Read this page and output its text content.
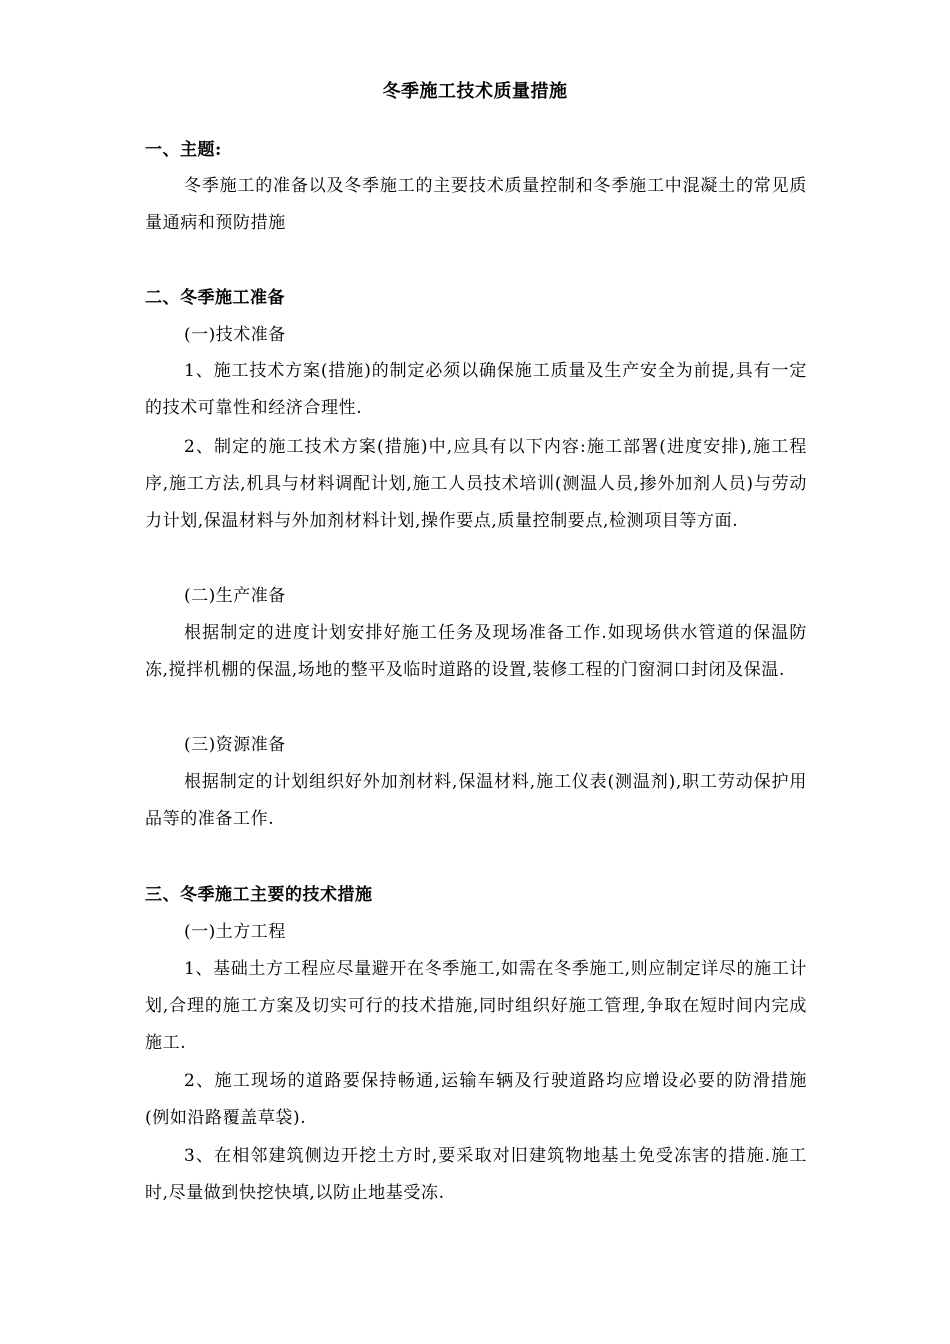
冬季施工技术质量措施
一、主题:
冬季施工的准备以及冬季施工的主要技术质量控制和冬季施工中混凝土的常见质量通病和预防措施
二、冬季施工准备
(一)技术准备
1、施工技术方案(措施)的制定必须以确保施工质量及生产安全为前提,具有一定的技术可靠性和经济合理性.
2、制定的施工技术方案(措施)中,应具有以下内容:施工部署(进度安排),施工程序,施工方法,机具与材料调配计划,施工人员技术培训(测温人员,掺外加剂人员)与劳动力计划,保温材料与外加剂材料计划,操作要点,质量控制要点,检测项目等方面.
(二)生产准备
根据制定的进度计划安排好施工任务及现场准备工作.如现场供水管道的保温防冻,搅拌机棚的保温,场地的整平及临时道路的设置,装修工程的门窗洞口封闭及保温.
(三)资源准备
根据制定的计划组织好外加剂材料,保温材料,施工仪表(测温剂),职工劳动保护用品等的准备工作.
三、冬季施工主要的技术措施
(一)土方工程
1、基础土方工程应尽量避开在冬季施工,如需在冬季施工,则应制定详尽的施工计划,合理的施工方案及切实可行的技术措施,同时组织好施工管理,争取在短时间内完成施工.
2、施工现场的道路要保持畅通,运输车辆及行驶道路均应增设必要的防滑措施(例如沿路覆盖草袋).
3、在相邻建筑侧边开挖土方时,要采取对旧建筑物地基土免受冻害的措施.施工时,尽量做到快挖快填,以防止地基受冻.
